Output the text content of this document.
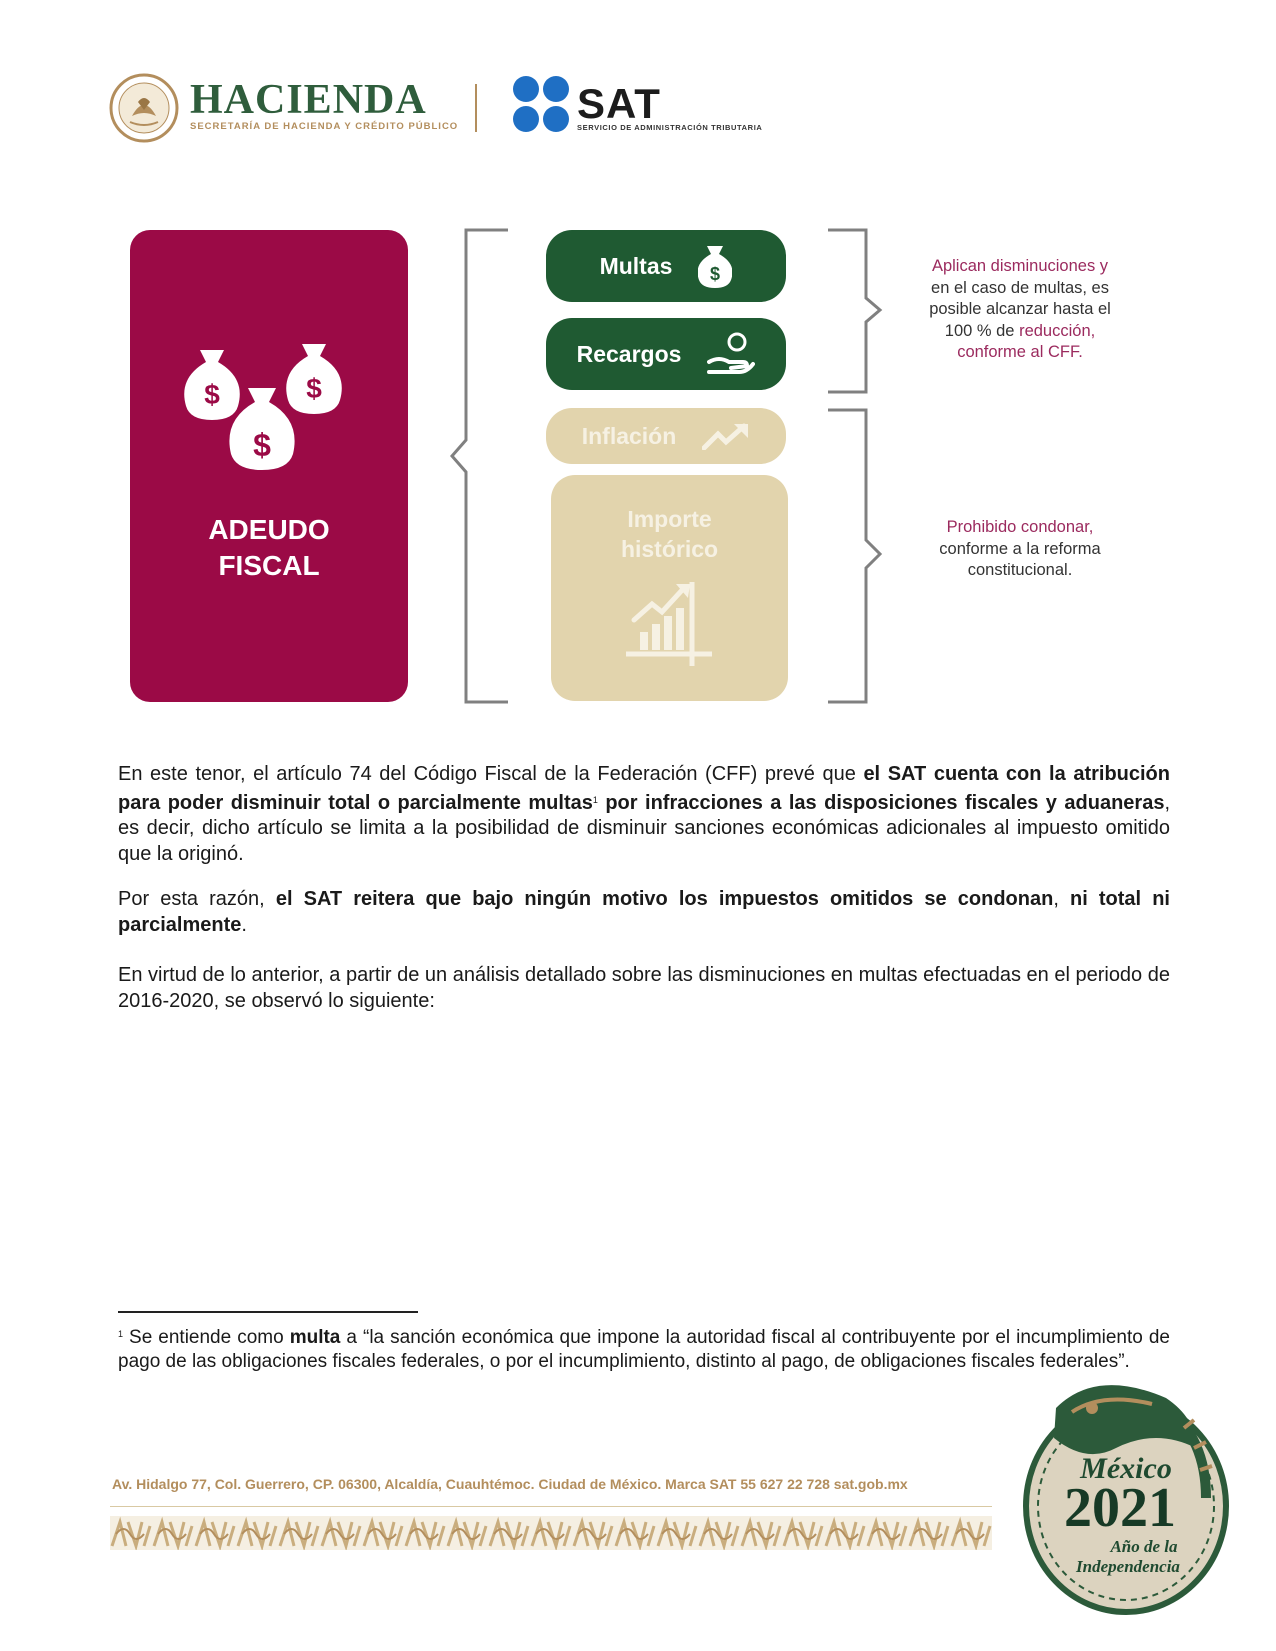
HACIENDA
SECRETARÍA DE HACIENDA Y CRÉDITO PÚBLICO	SAT
SERVICIO DE ADMINISTRACIÓN TRIBUTARIA
$	$
$
ADEUDO
FISCAL
Multas $
Recargos
Inflación
Importe
histórico
Aplican disminuciones y
en el caso de multas, es
posible alcanzar hasta el
100 % de reducción,
conforme al CFF.
Prohibido condonar,
conforme a la reforma
constitucional.
En este tenor, el artículo 74 del Código Fiscal de la Federación (CFF) prevé que el SAT cuenta con la atribución para poder disminuir total o parcialmente multas$^1$ por infracciones a las disposiciones fiscales y aduaneras, es decir, dicho artículo se limita a la posibilidad de disminuir sanciones económicas adicionales al impuesto omitido que la originó.
Por esta razón, el SAT reitera que bajo ningún motivo los impuestos omitidos se condonan, ni total ni parcialmente.
En virtud de lo anterior, a partir de un análisis detallado sobre las disminuciones en multas efectuadas en el periodo de 2016-2020, se observó lo siguiente:
$^1$ Se entiende como multa a “la sanción económica que impone la autoridad fiscal al contribuyente por el incumplimiento de pago de las obligaciones fiscales federales, o por el incumplimiento, distinto al pago, de obligaciones fiscales federales”.
Av. Hidalgo 77, Col. Guerrero, CP. 06300, Alcaldía, Cuauhtémoc. Ciudad de México. Marca SAT 55 627 22 728 sat.gob.mx	México
2021
Año de la
Independencia
